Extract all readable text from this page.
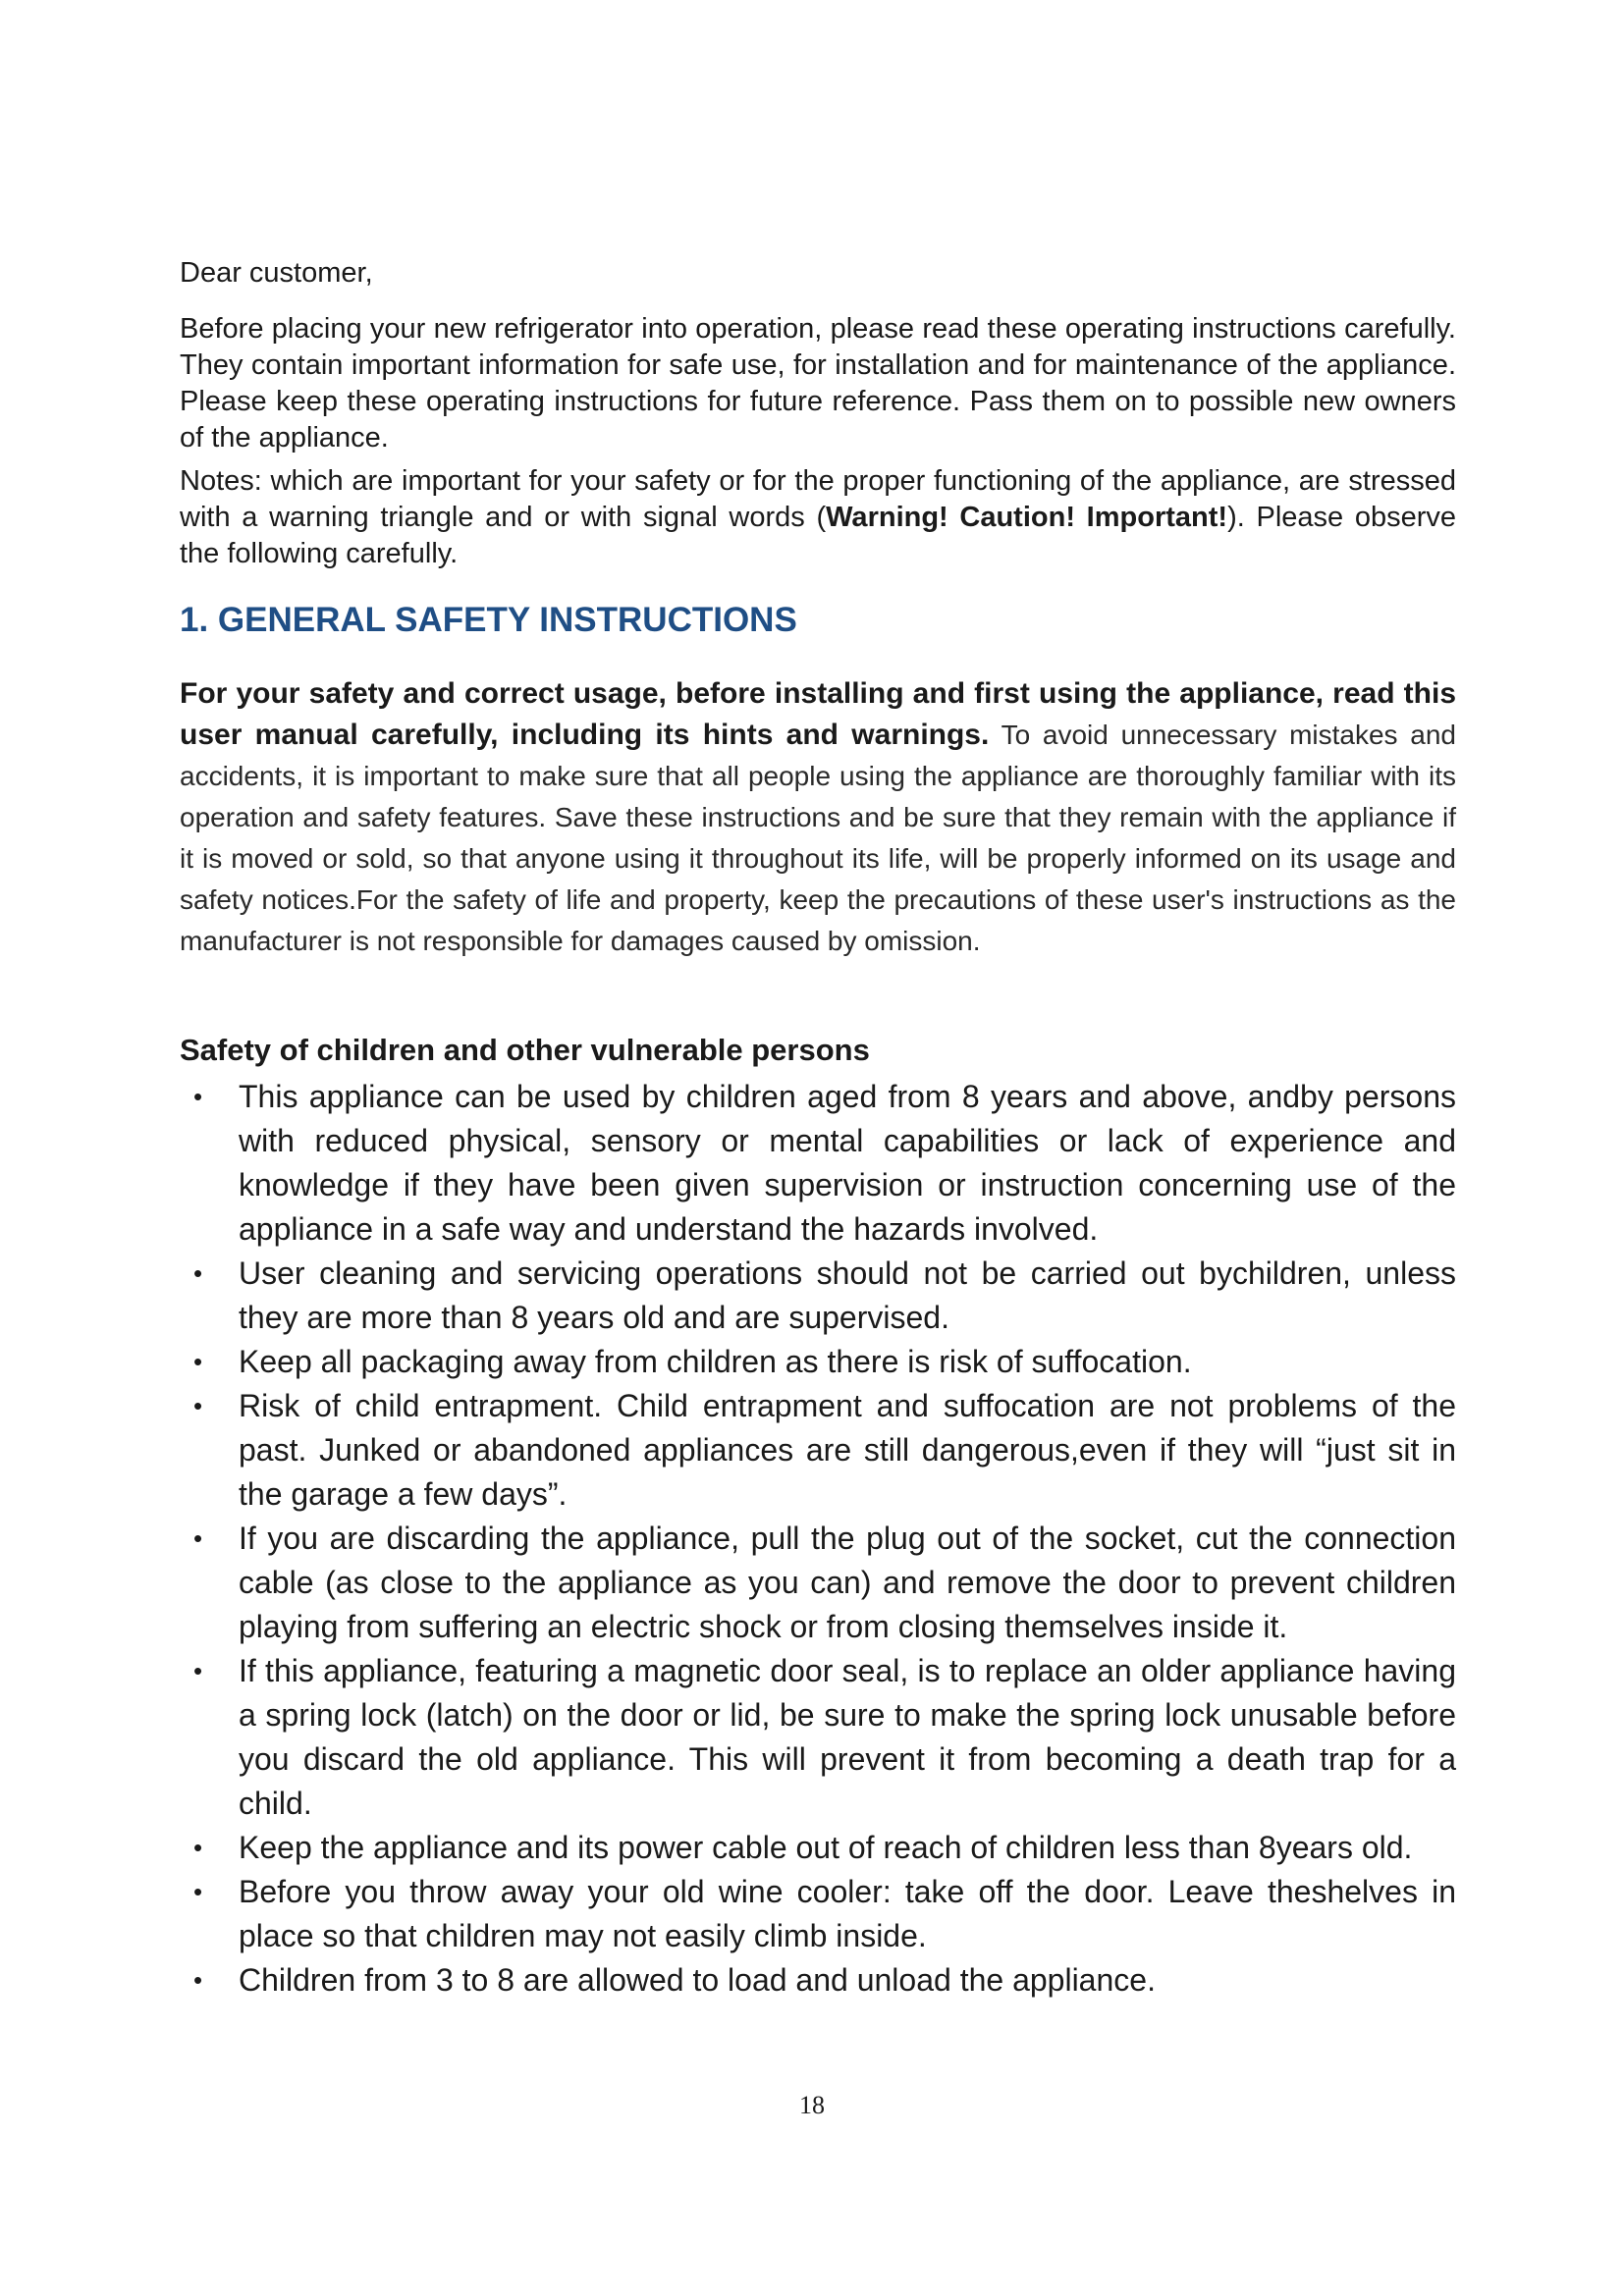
Dear customer,

Before placing your new refrigerator into operation, please read these operating instructions carefully. They contain important information for safe use, for installation and for maintenance of the appliance. Please keep these operating instructions for future reference. Pass them on to possible new owners of the appliance.

Notes: which are important for your safety or for the proper functioning of the appliance, are stressed with a warning triangle and or with signal words (Warning! Caution! Important!). Please observe the following carefully.

1. GENERAL SAFETY INSTRUCTIONS

For your safety and correct usage, before installing and first using the appliance, read this user manual carefully, including its hints and warnings. To avoid unnecessary mistakes and accidents, it is important to make sure that all people using the appliance are thoroughly familiar with its operation and safety features. Save these instructions and be sure that they remain with the appliance if it is moved or sold, so that anyone using it throughout its life, will be properly informed on its usage and safety notices.For the safety of life and property, keep the precautions of these user's instructions as the manufacturer is not responsible for damages caused by omission.

Safety of children and other vulnerable persons
• This appliance can be used by children aged from 8 years and above, andby persons with reduced physical, sensory or mental capabilities or lack of experience and knowledge if they have been given supervision or instruction concerning use of the appliance in a safe way and understand the hazards involved.
• User cleaning and servicing operations should not be carried out bychildren, unless they are more than 8 years old and are supervised.
• Keep all packaging away from children as there is risk of suffocation.
• Risk of child entrapment. Child entrapment and suffocation are not problems of the past. Junked or abandoned appliances are still dangerous,even if they will “just sit in the garage a few days”.
• If you are discarding the appliance, pull the plug out of the socket, cut the connection cable (as close to the appliance as you can) and remove the door to prevent children playing from suffering an electric shock or from closing themselves inside it.
• If this appliance, featuring a magnetic door seal, is to replace an older appliance having a spring lock (latch) on the door or lid, be sure to make the spring lock unusable before you discard the old appliance. This will prevent it from becoming a death trap for a child.
• Keep the appliance and its power cable out of reach of children less than 8years old.
• Before you throw away your old wine cooler: take off the door. Leave theshelves in place so that children may not easily climb inside.
• Children from 3 to 8 are allowed to load and unload the appliance.
18
